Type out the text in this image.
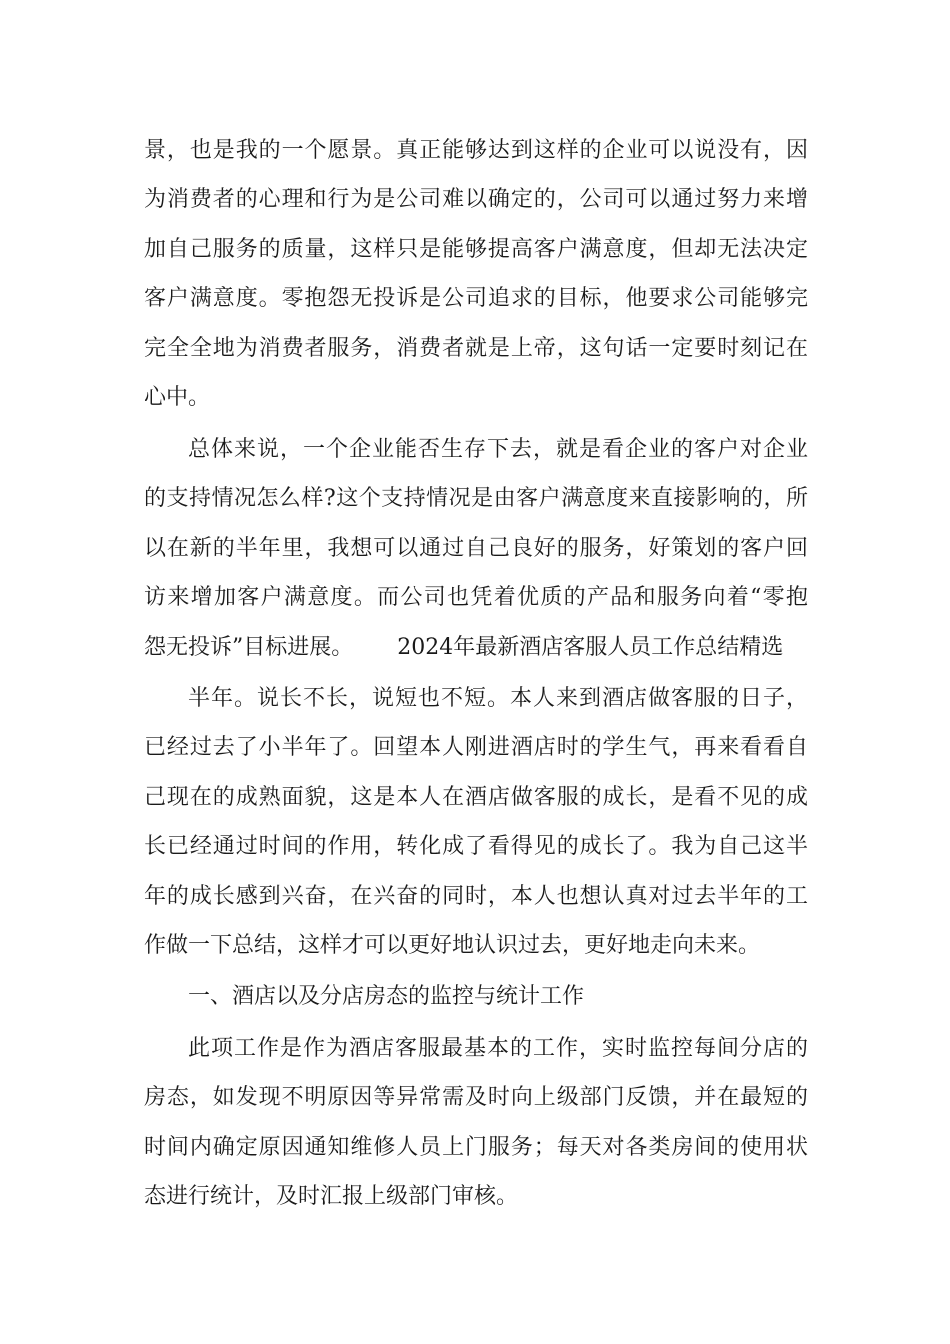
景，也是我的一个愿景。真正能够达到这样的企业可以说没有，因
为消费者的心理和行为是公司难以确定的，公司可以通过努力来增
加自己服务的质量，这样只是能够提高客户满意度，但却无法决定
客户满意度。零抱怨无投诉是公司追求的目标，他要求公司能够完
完全全地为消费者服务，消费者就是上帝，这句话一定要时刻记在
心中。
总体来说，一个企业能否生存下去，就是看企业的客户对企业
的支持情况怎么样?这个支持情况是由客户满意度来直接影响的，所
以在新的半年里，我想可以通过自己良好的服务，好策划的客户回
访来增加客户满意度。而公司也凭着优质的产品和服务向着“零抱
怨无投诉”目标进展。 2024年最新酒店客服人员工作总结精选
半年。说长不长，说短也不短。本人来到酒店做客服的日子，
已经过去了小半年了。回望本人刚进酒店时的学生气，再来看看自
己现在的成熟面貌，这是本人在酒店做客服的成长，是看不见的成
长已经通过时间的作用，转化成了看得见的成长了。我为自己这半
年的成长感到兴奋，在兴奋的同时，本人也想认真对过去半年的工
作做一下总结，这样才可以更好地认识过去，更好地走向未来。
一、酒店以及分店房态的监控与统计工作
此项工作是作为酒店客服最基本的工作，实时监控每间分店的
房态，如发现不明原因等异常需及时向上级部门反馈，并在最短的
时间内确定原因通知维修人员上门服务；每天对各类房间的使用状
态进行统计，及时汇报上级部门审核。
